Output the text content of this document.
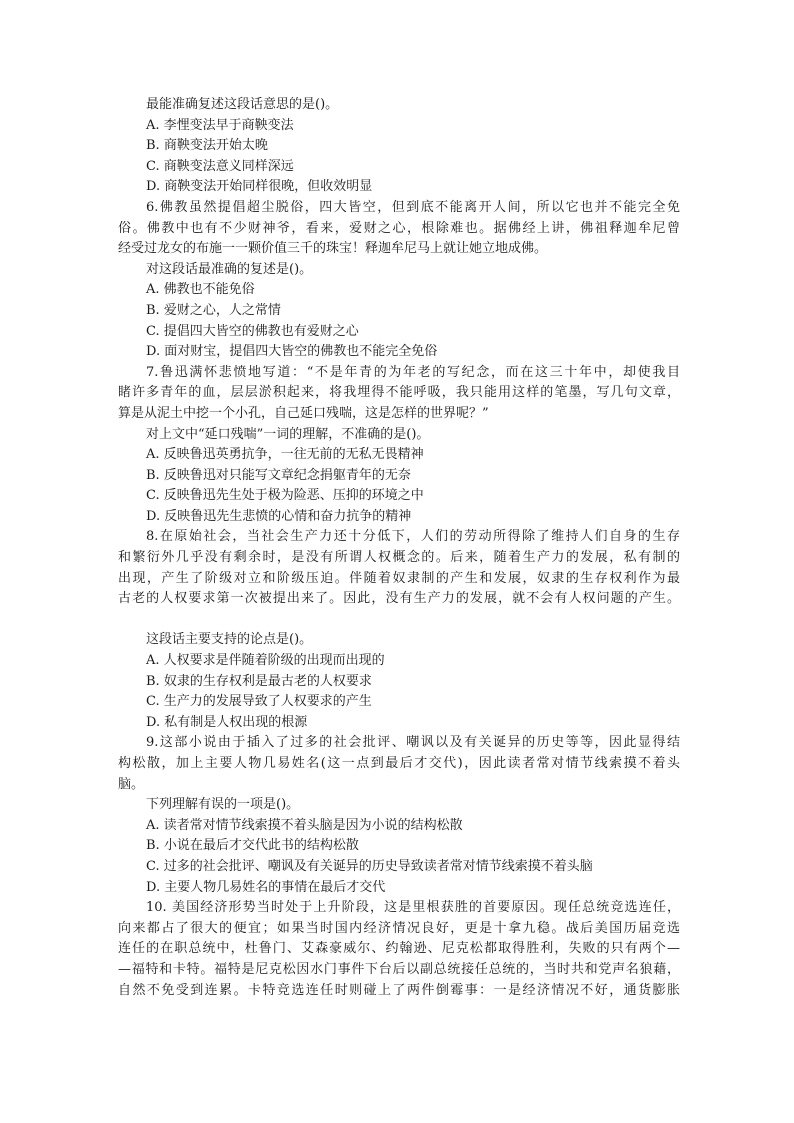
最能准确复述这段话意思的是()。
A. 李悝变法早于商鞅变法
B. 商鞅变法开始太晚
C. 商鞅变法意义同样深远
D. 商鞅变法开始同样很晚，但收效明显
6.佛教虽然提倡超尘脱俗，四大皆空，但到底不能离开人间，所以它也并不能完全免
俗。佛教中也有不少财神爷，看来，爱财之心，根除难也。据佛经上讲，佛祖释迦牟尼曾
经受过龙女的布施一一颗价值三千的珠宝！释迦牟尼马上就让她立地成佛。
对这段话最准确的复述是()。
A. 佛教也不能免俗
B. 爱财之心，人之常情
C. 提倡四大皆空的佛教也有爱财之心
D. 面对财宝，提倡四大皆空的佛教也不能完全免俗
7.鲁迅满怀悲愤地写道：“不是年青的为年老的写纪念，而在这三十年中，却使我目
睹许多青年的血，层层淤积起来，将我埋得不能呼吸，我只能用这样的笔墨，写几句文章，
算是从泥土中挖一个小孔，自己延口残喘，这是怎样的世界呢？”
对上文中“延口残喘”一词的理解，不准确的是()。
A. 反映鲁迅英勇抗争，一往无前的无私无畏精神
B. 反映鲁迅对只能写文章纪念捐躯青年的无奈
C. 反映鲁迅先生处于极为险恶、压抑的环境之中
D. 反映鲁迅先生悲愤的心情和奋力抗争的精神
8.在原始社会，当社会生产力还十分低下，人们的劳动所得除了维持人们自身的生存
和繁衍外几乎没有剩余时，是没有所谓人权概念的。后来，随着生产力的发展，私有制的
出现，产生了阶级对立和阶级压迫。伴随着奴隶制的产生和发展，奴隶的生存权利作为最
古老的人权要求第一次被提出来了。因此，没有生产力的发展，就不会有人权问题的产生。
这段话主要支持的论点是()。
A. 人权要求是伴随着阶级的出现而出现的
B. 奴隶的生存权利是最古老的人权要求
C. 生产力的发展导致了人权要求的产生
D. 私有制是人权出现的根源
9.这部小说由于插入了过多的社会批评、嘲讽以及有关诞异的历史等等，因此显得结
构松散，加上主要人物几易姓名(这一点到最后才交代)，因此读者常对情节线索摸不着头
脑。
下列理解有误的一项是()。
A. 读者常对情节线索摸不着头脑是因为小说的结构松散
B. 小说在最后才交代此书的结构松散
C. 过多的社会批评、嘲讽及有关诞异的历史导致读者常对情节线索摸不着头脑
D. 主要人物几易姓名的事情在最后才交代
10. 美国经济形势当时处于上升阶段，这是里根获胜的首要原因。现任总统竞选连任，
向来都占了很大的便宜；如果当时国内经济情况良好，更是十拿九稳。战后美国历届竞选
连任的在职总统中，杜鲁门、艾森豪威尔、约翰逊、尼克松都取得胜利，失败的只有两个—
—福特和卡特。福特是尼克松因水门事件下台后以副总统接任总统的，当时共和党声名狼藉，
自然不免受到连累。卡特竞选连任时则碰上了两件倒霉事：一是经济情况不好，通货膨胀
